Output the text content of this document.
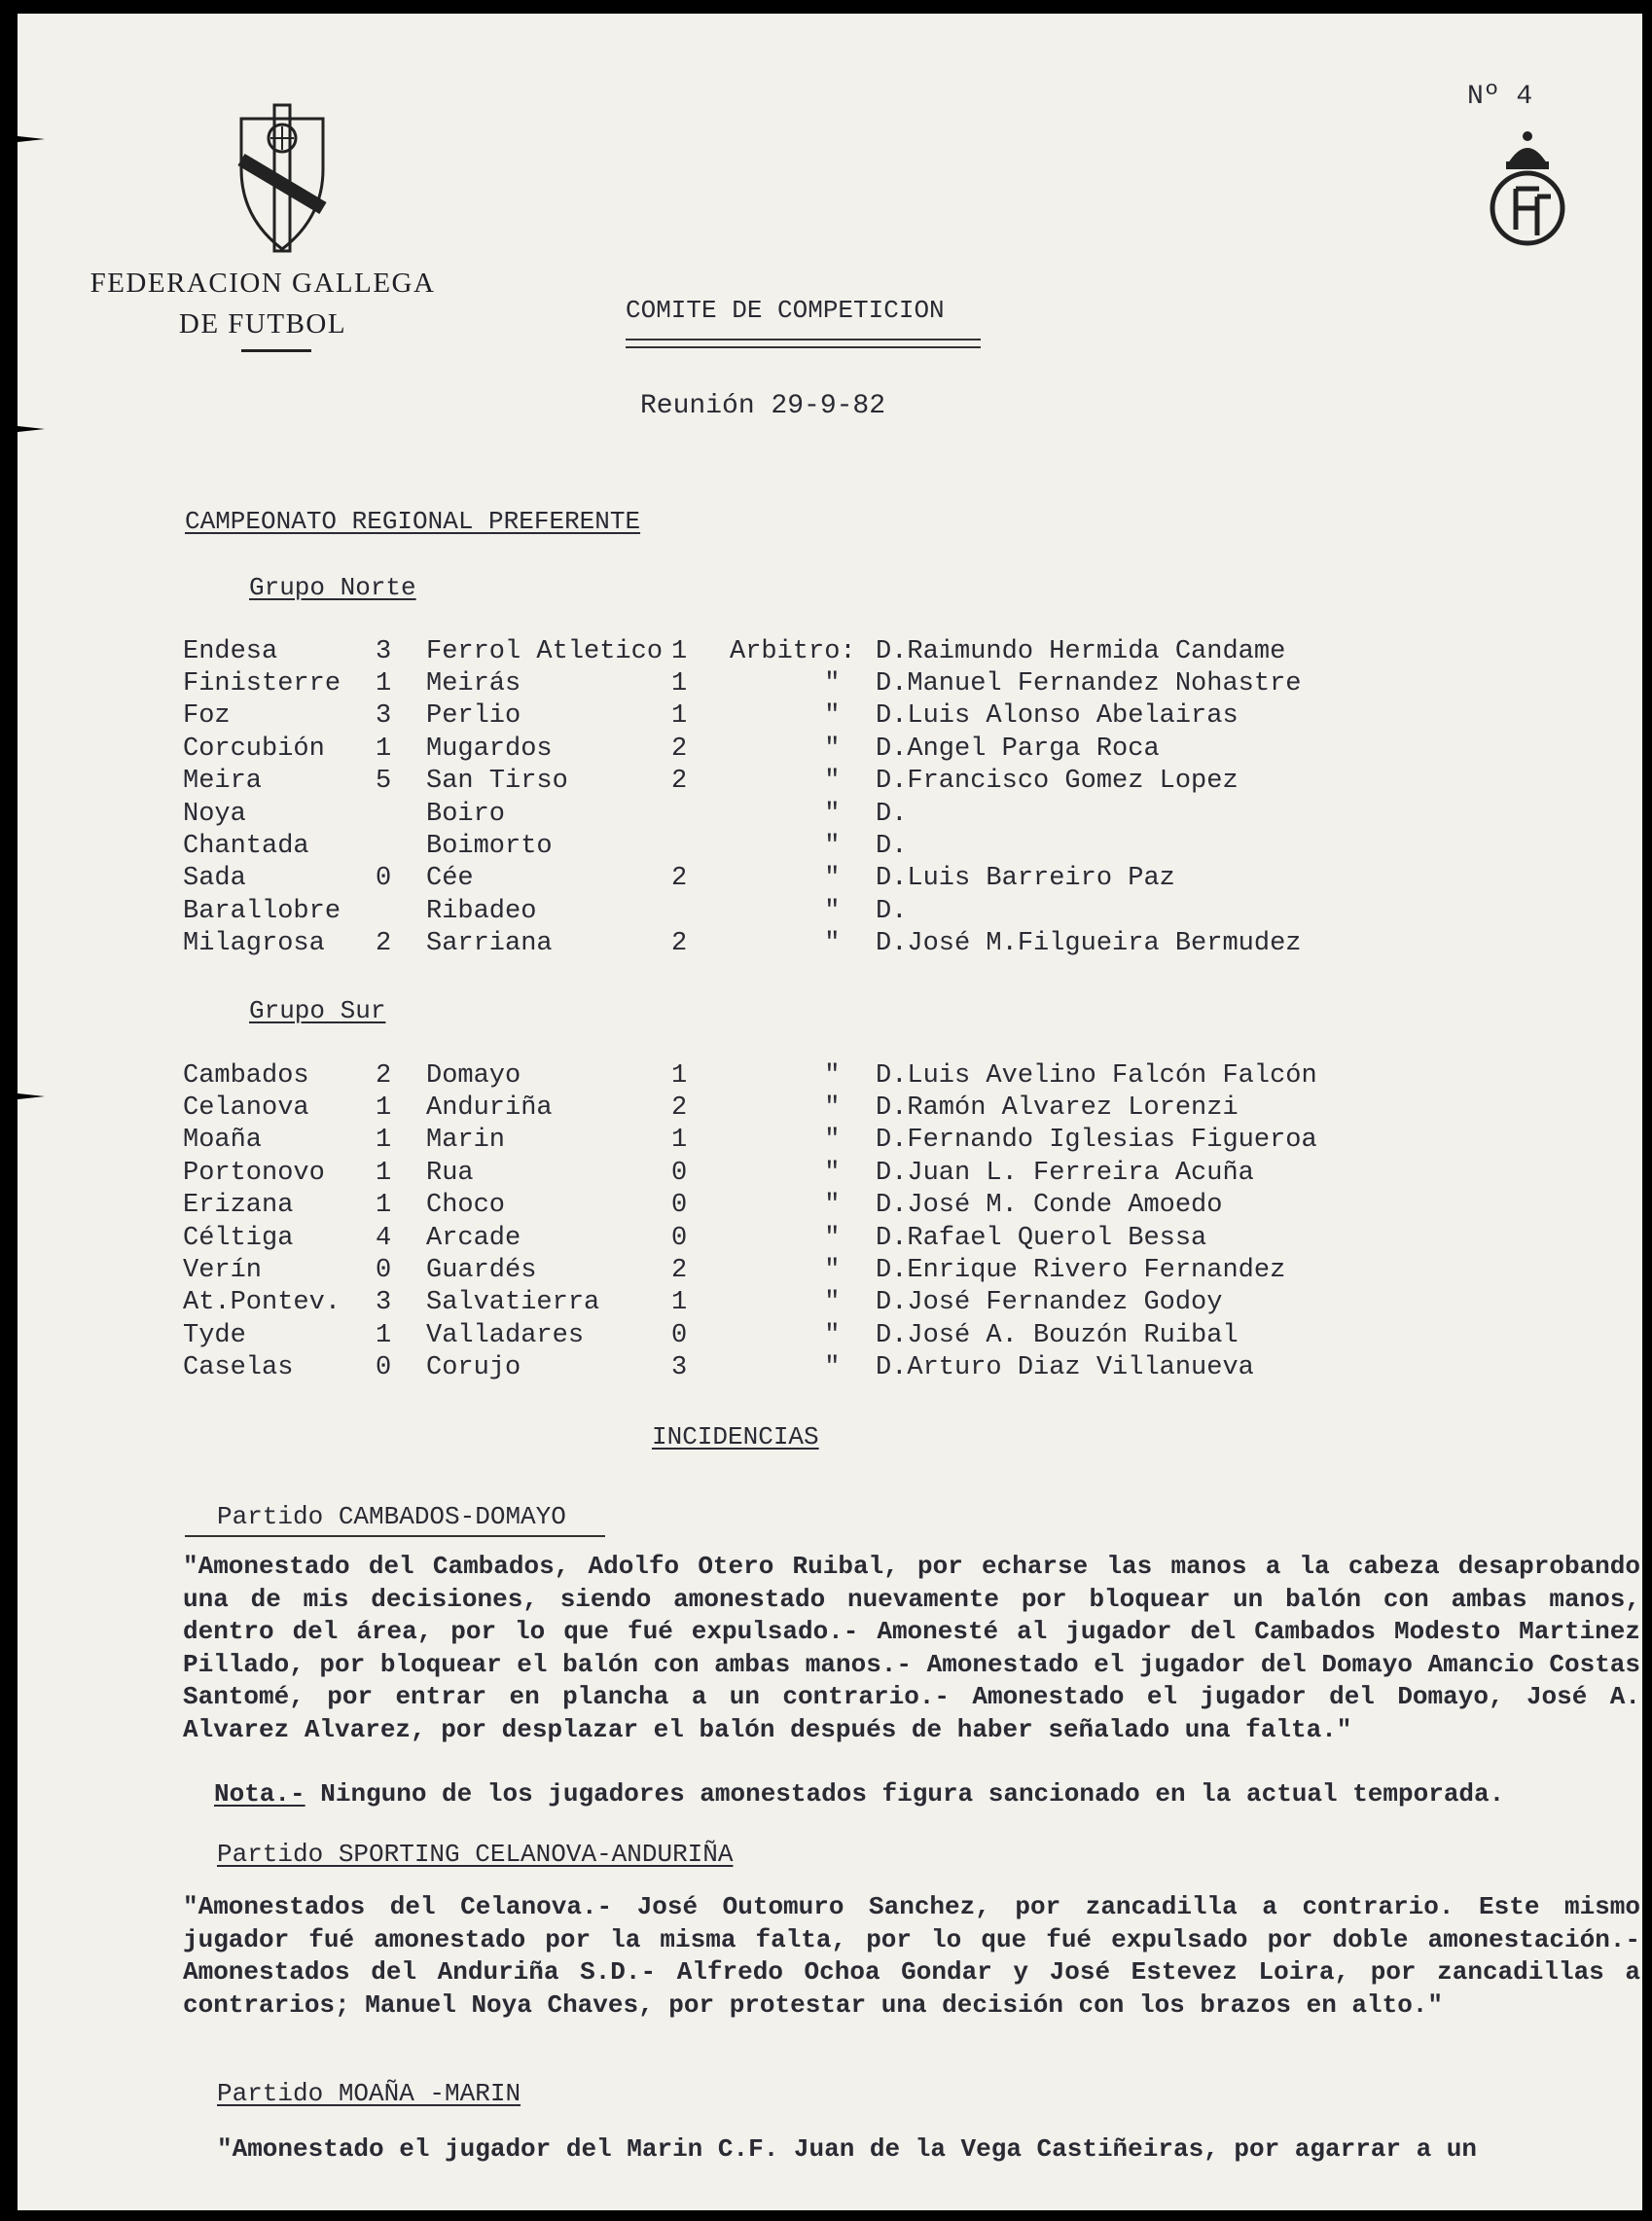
FEDERACION GALLEGA
DE FUTBOL
Nº 4
COMITE DE COMPETICION
Reunión 29-9-82
CAMPEONATO REGIONAL PREFERENTE
Grupo Norte
Endesa	3	Ferrol Atletico	1	Arbitro:	D.Raimundo Hermida Candame
Finisterre	1	Meirás	1	"	D.Manuel Fernandez Nohastre
Foz	3	Perlio	1	"	D.Luis Alonso Abelairas
Corcubión	1	Mugardos	2	"	D.Angel Parga Roca
Meira	5	San Tirso	2	"	D.Francisco Gomez Lopez
Noya		Boiro		"	D.
Chantada		Boimorto		"	D.
Sada	0	Cée	2	"	D.Luis Barreiro Paz
Barallobre		Ribadeo		"	D.
Milagrosa	2	Sarriana	2	"	D.José M.Filgueira Bermudez
Grupo Sur
Cambados	2	Domayo	1	"	D.Luis Avelino Falcón Falcón
Celanova	1	Anduriña	2	"	D.Ramón Alvarez Lorenzi
Moaña	1	Marin	1	"	D.Fernando Iglesias Figueroa
Portonovo	1	Rua	0	"	D.Juan L. Ferreira Acuña
Erizana	1	Choco	0	"	D.José M. Conde Amoedo
Céltiga	4	Arcade	0	"	D.Rafael Querol Bessa
Verín	0	Guardés	2	"	D.Enrique Rivero Fernandez
At.Pontev.	3	Salvatierra	1	"	D.José Fernandez Godoy
Tyde	1	Valladares	0	"	D.José A. Bouzón Ruibal
Caselas	0	Corujo	3	"	D.Arturo Diaz Villanueva
INCIDENCIAS
Partido CAMBADOS-DOMAYO
"Amonestado del Cambados, Adolfo Otero Ruibal, por echarse las manos a la cabeza desaprobando una de mis decisiones, siendo amonestado nuevamente por bloquear un balón con ambas manos, dentro del área, por lo que fué expulsado.- Amonesté al jugador del Cambados Modesto Martinez Pillado, por bloquear el balón con ambas manos.- Amonestado el jugador del Domayo Amancio Costas Santomé, por entrar en plancha a un contrario.- Amonestado el jugador del Domayo, José A. Alvarez Alvarez, por desplazar el balón después de haber señalado una falta."
Nota.- Ninguno de los jugadores amonestados figura sancionado en la actual temporada.
Partido SPORTING CELANOVA-ANDURIÑA
"Amonestados del Celanova.- José Outomuro Sanchez, por zancadilla a contrario. Este mismo jugador fué amonestado por la misma falta, por lo que fué expulsado por doble amonestación.- Amonestados del Anduriña S.D.- Alfredo Ochoa Gondar y José Estevez Loira, por zancadillas a contrarios; Manuel Noya Chaves, por protestar una decisión con los brazos en alto."
Partido MOAÑA -MARIN
"Amonestado el jugador del Marin C.F. Juan de la Vega Castiñeiras, por agarrar a un
